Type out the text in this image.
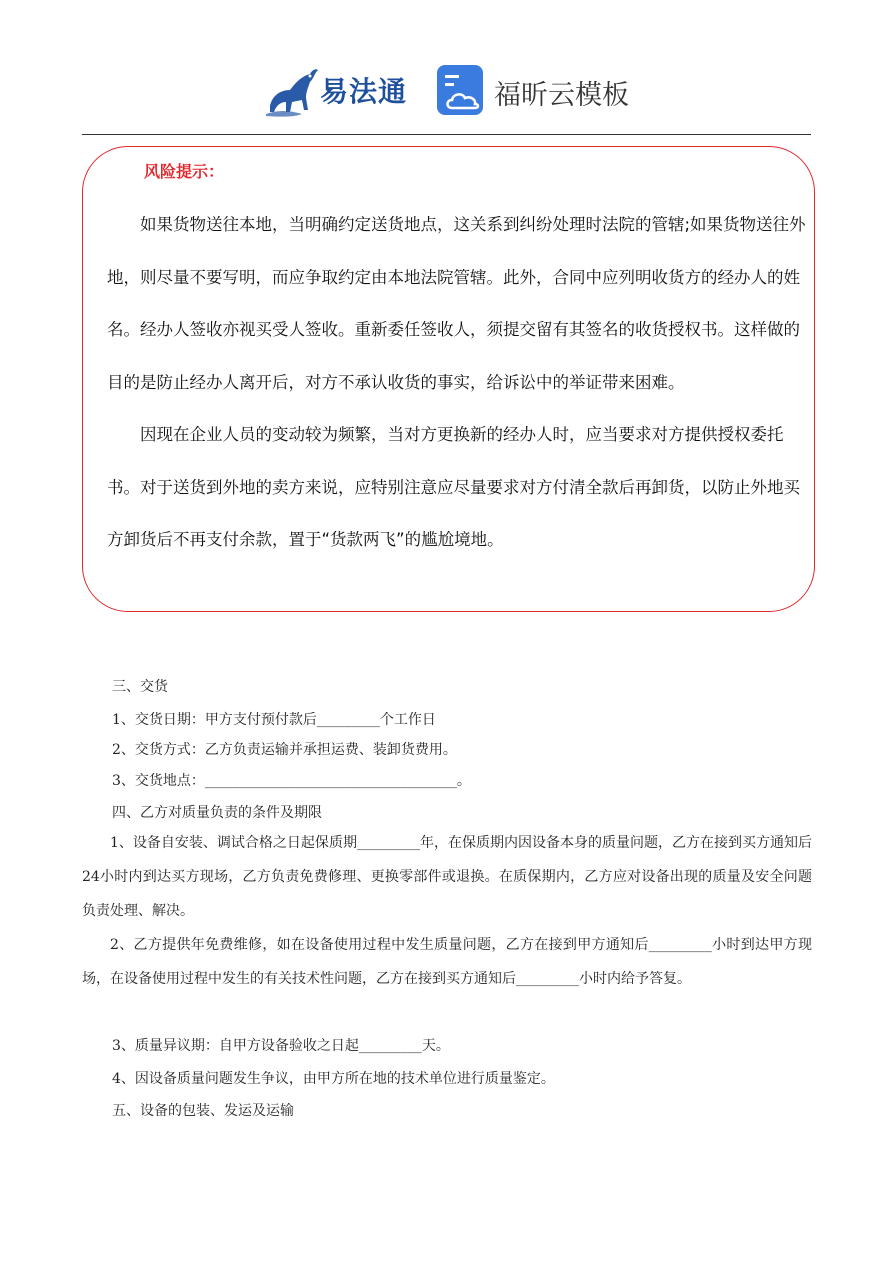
易法通	福昕云模板
风险提示：

如果货物送往本地，当明确约定送货地点，这关系到纠纷处理时法院的管辖;如果货物送往外地，则尽量不要写明，而应争取约定由本地法院管辖。此外，合同中应列明收货方的经办人的姓名。经办人签收亦视买受人签收。重新委任签收人，须提交留有其签名的收货授权书。这样做的目的是防止经办人离开后，对方不承认收货的事实，给诉讼中的举证带来困难。

因现在企业人员的变动较为频繁，当对方更换新的经办人时，应当要求对方提供授权委托书。对于送货到外地的卖方来说，应特别注意应尽量要求对方付清全款后再卸货，以防止外地买方卸货后不再支付余款，置于“货款两飞”的尴尬境地。

三、交货
1、交货日期：甲方支付预付款后_________个工作日
2、交货方式：乙方负责运输并承担运费、装卸货费用。
3、交货地点：____________________________________。
四、乙方对质量负责的条件及期限
1、设备自安装、调试合格之日起保质期_________年，在保质期内因设备本身的质量问题，乙方在接到买方通知后24小时内到达买方现场，乙方负责免费修理、更换零部件或退换。在质保期内，乙方应对设备出现的质量及安全问题负责处理、解决。
2、乙方提供年免费维修，如在设备使用过程中发生质量问题，乙方在接到甲方通知后_________小时到达甲方现场，在设备使用过程中发生的有关技术性问题，乙方在接到买方通知后_________小时内给予答复。
3、质量异议期：自甲方设备验收之日起_________天。
4、因设备质量问题发生争议，由甲方所在地的技术单位进行质量鉴定。
五、设备的包装、发运及运输
